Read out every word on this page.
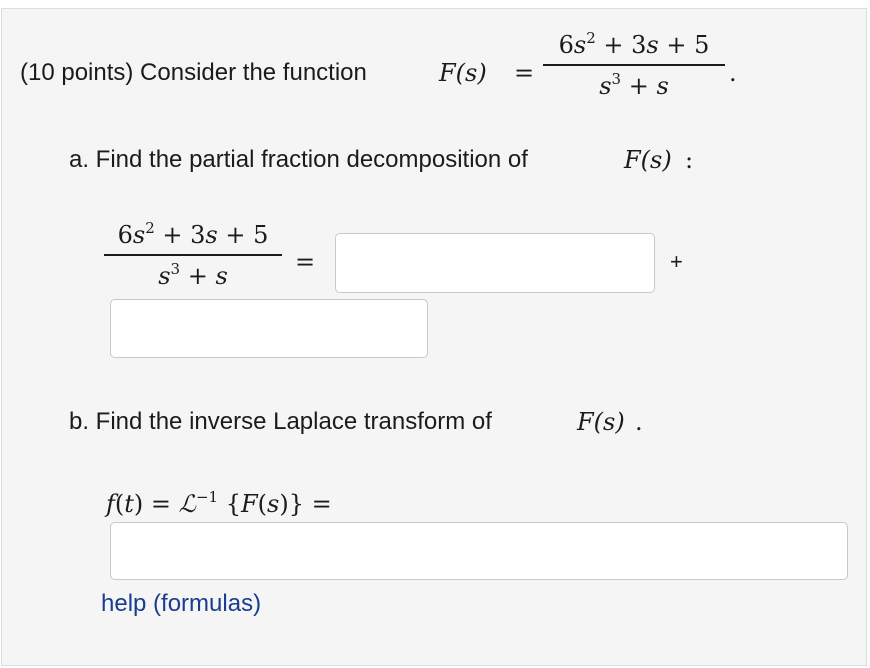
(10 points) Consider the function	F(s) =
$6s^2 + 3s + 5$
$s^3 + s$	.
a. Find the partial fraction decomposition of	F(s) :
$6s^2 + 3s + 5$
$s^3 + s$	=	+
b. Find the inverse Laplace transform of	F(s) .
f(t) = ℒ$^{-1}$ {F(s)} =
help (formulas)
